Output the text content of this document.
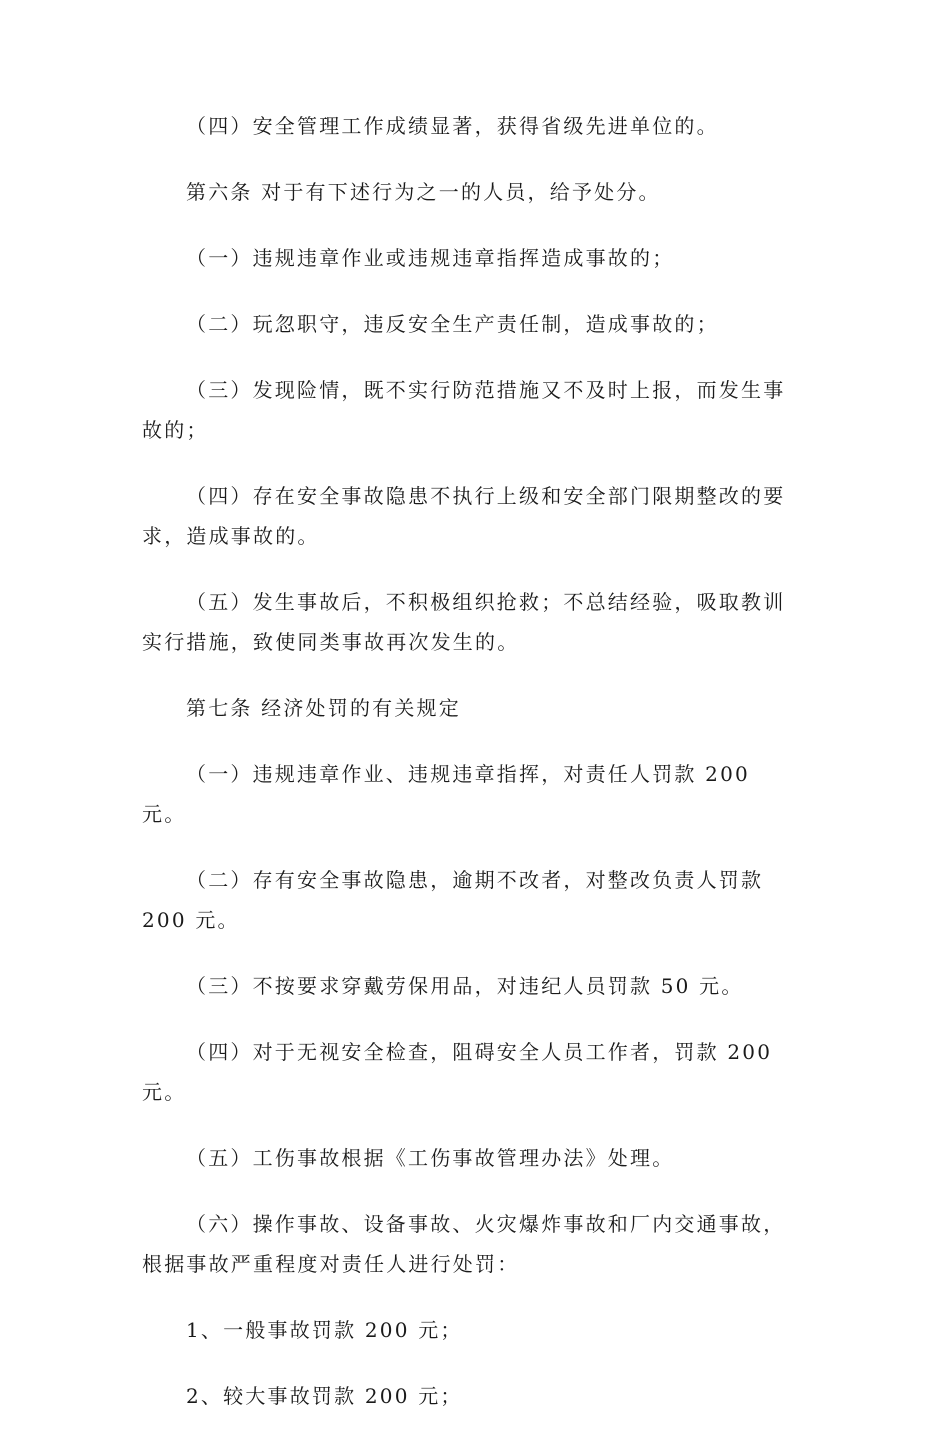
（四）安全管理工作成绩显著，获得省级先进单位的。

第六条 对于有下述行为之一的人员，给予处分。

（一）违规违章作业或违规违章指挥造成事故的；

（二）玩忽职守，违反安全生产责任制，造成事故的；

（三）发现险情，既不实行防范措施又不及时上报，而发生事故的；

（四）存在安全事故隐患不执行上级和安全部门限期整改的要求，造成事故的。

（五）发生事故后，不积极组织抢救；不总结经验，吸取教训实行措施，致使同类事故再次发生的。

第七条 经济处罚的有关规定

（一）违规违章作业、违规违章指挥，对责任人罚款 200 元。

（二）存有安全事故隐患，逾期不改者，对整改负责人罚款 200 元。

（三）不按要求穿戴劳保用品，对违纪人员罚款 50 元。

（四）对于无视安全检查，阻碍安全人员工作者，罚款 200 元。

（五）工伤事故根据《工伤事故管理办法》处理。

（六）操作事故、设备事故、火灾爆炸事故和厂内交通事故，根据事故严重程度对责任人进行处罚：

1、一般事故罚款 200 元；

2、较大事故罚款 200 元；
